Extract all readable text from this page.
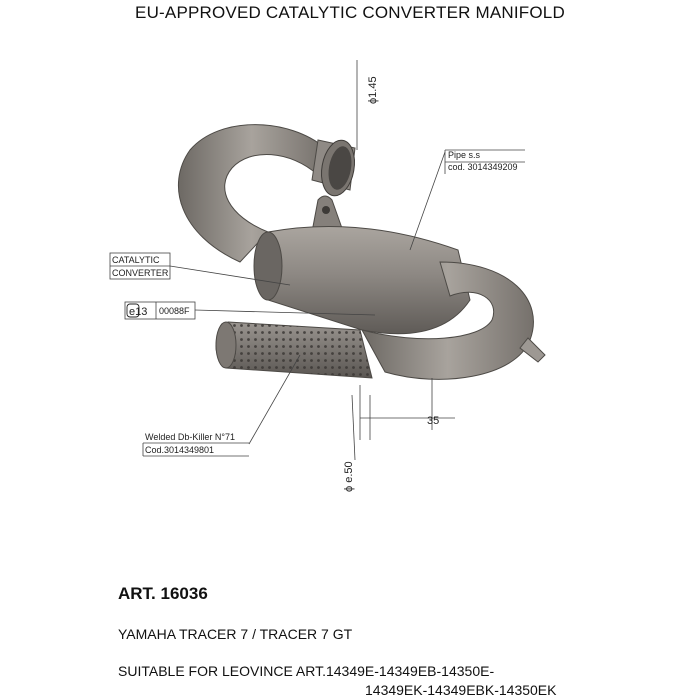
EU-APPROVED CATALYTIC CONVERTER MANIFOLD
Pipe s.s
cod. 3014349209
CATALYTIC
CONVERTER
e13 00088F
Welded Db-Killer N°71
Cod.3014349801
ϕ1.45
ϕ e.50
35
ART. 16036
YAMAHA TRACER 7 / TRACER 7 GT
SUITABLE FOR LEOVINCE ART.14349E-14349EB-14350E-
14349EK-14349EBK-14350EK
